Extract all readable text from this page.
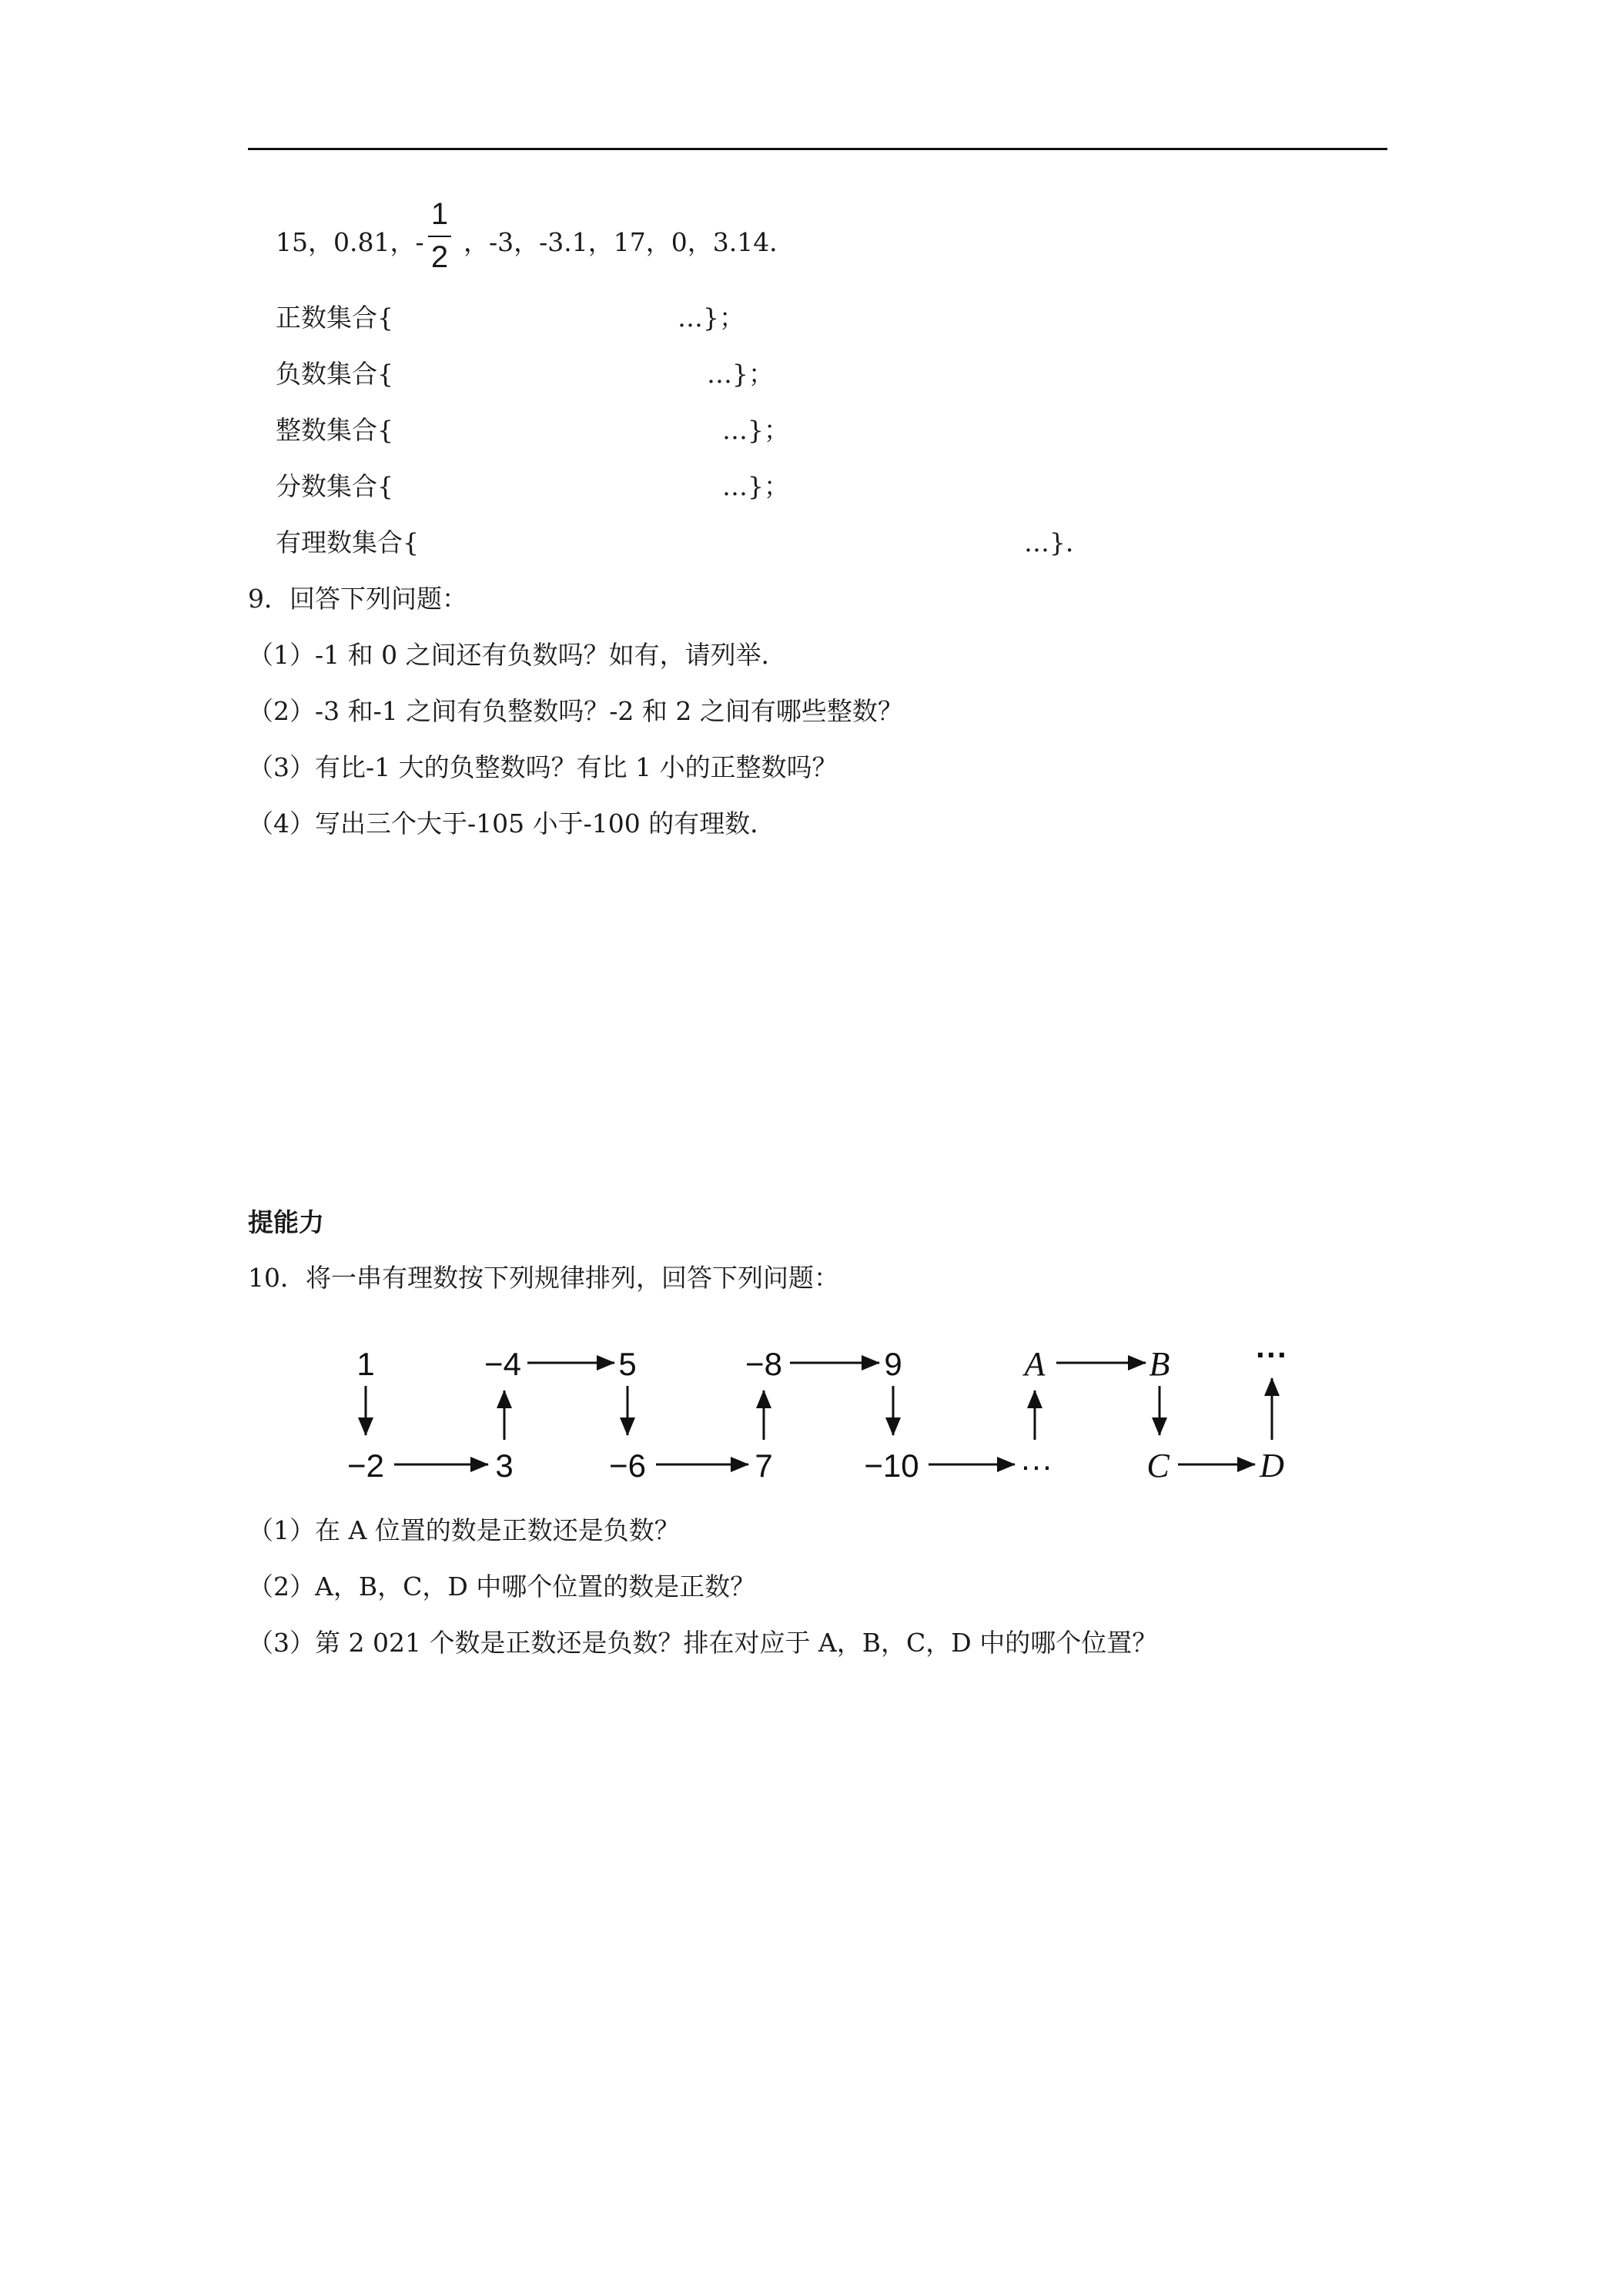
15，0.81，- ，-3，-3.1，17，0，3.14．
1
2
正数集合{	…}；
负数集合{	…}；
整数集合{	…}；
分数集合{	…}；
有理数集合{	…}．
9．回答下列问题：
（1）-1 和 0 之间还有负数吗？如有，请列举．
（2）-3 和-1 之间有负整数吗？-2 和 2 之间有哪些整数？
（3）有比-1 大的负整数吗？有比 1 小的正整数吗？
（4）写出三个大于-105 小于-100 的有理数．
提能力
10．将一串有理数按下列规律排列，回答下列问题：
1	−4	5	−8	9	A	B	···
−2	3	−6	7	−10	···	C	D
（1）在 A 位置的数是正数还是负数？
（2）A，B，C，D 中哪个位置的数是正数？
（3）第 2 021 个数是正数还是负数？排在对应于 A，B，C，D 中的哪个位置？
